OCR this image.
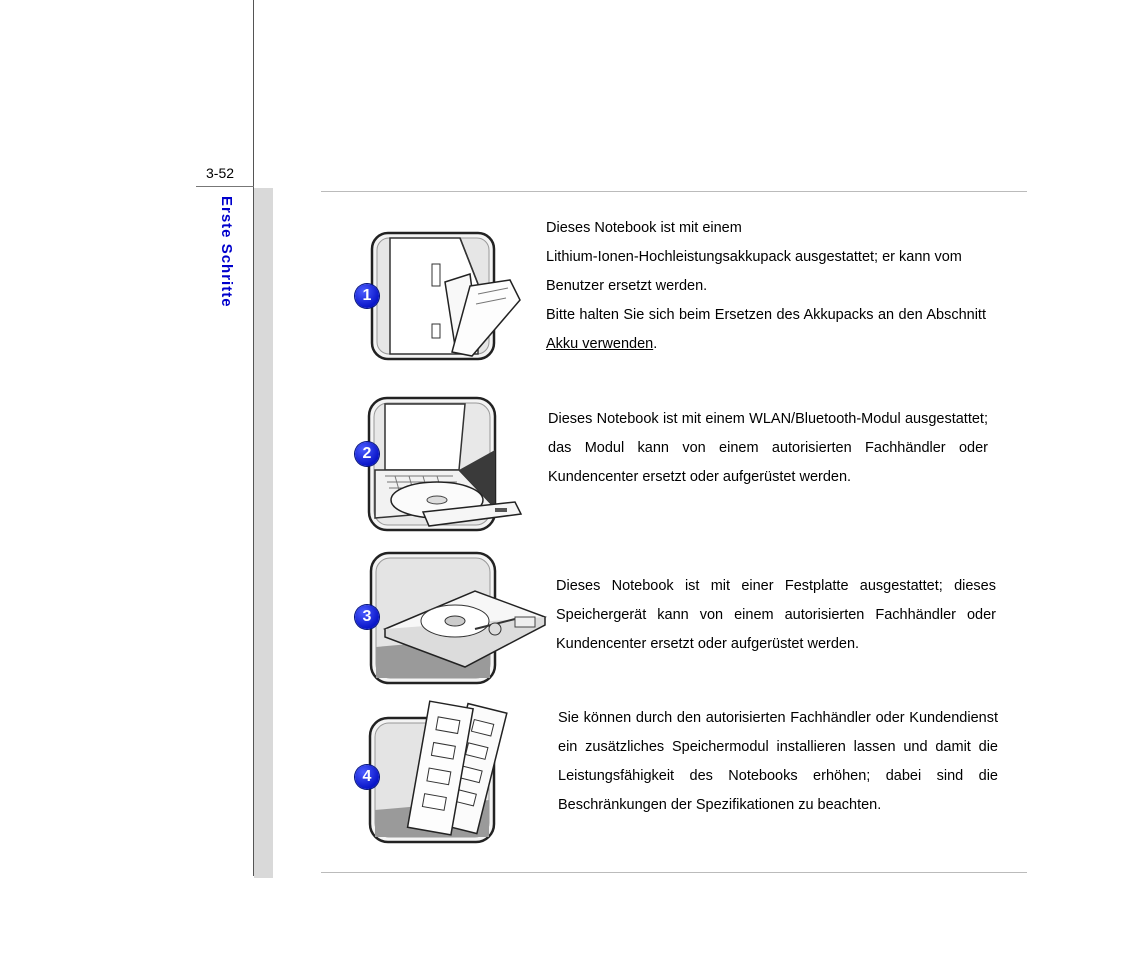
3-52
Erste Schritte	1

Dieses Notebook ist mit einem

Lithium-Ionen-Hochleistungsakkupack ausgestattet; er kann vom Benutzer ersetzt werden.

Bitte halten Sie sich beim Ersetzen des Akkupacks an den Abschnitt Akku verwenden.

2
Dieses Notebook ist mit einem WLAN/Bluetooth-Modul ausgestattet; das Modul kann von einem autorisierten Fachhändler oder Kundencenter ersetzt oder aufgerüstet werden.
3
Dieses Notebook ist mit einer Festplatte ausgestattet; dieses Speichergerät kann von einem autorisierten Fachhändler oder Kundencenter ersetzt oder aufgerüstet werden.
4
Sie können durch den autorisierten Fachhändler oder Kundendienst ein zusätzliches Speichermodul installieren lassen und damit die Leistungsfähigkeit des Notebooks erhöhen; dabei sind die Beschränkungen der Spezifikationen zu beachten.
